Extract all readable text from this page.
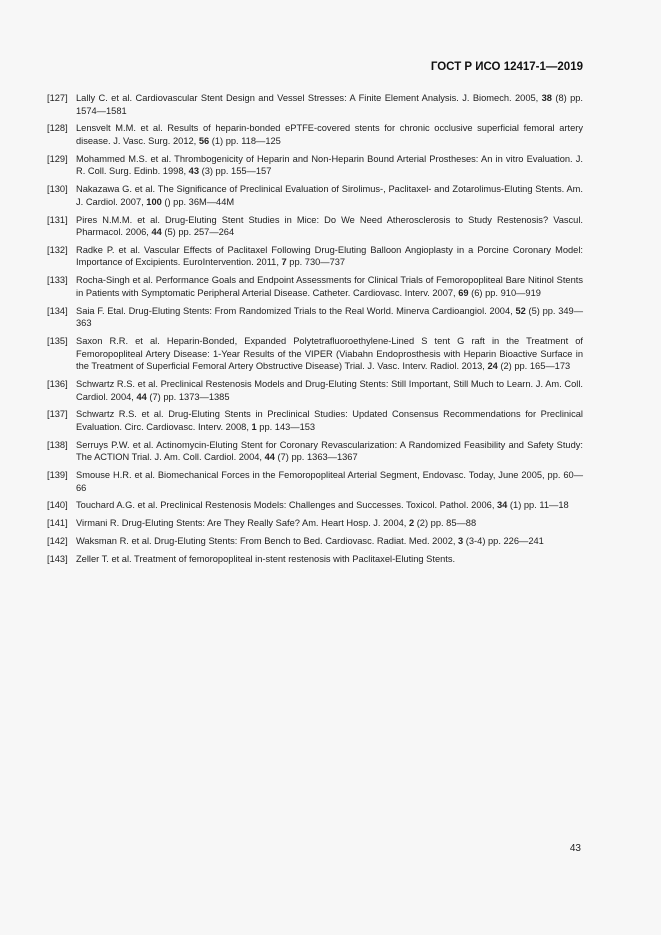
ГОСТ Р ИСО 12417-1—2019
[127] Lally C. et al. Cardiovascular Stent Design and Vessel Stresses: A Finite Element Analysis. J. Biomech. 2005, 38 (8) pp. 1574—1581
[128] Lensvelt M.M. et al. Results of heparin-bonded ePTFE-covered stents for chronic occlusive superficial femoral artery disease. J. Vasc. Surg. 2012, 56 (1) pp. 118—125
[129] Mohammed M.S. et al. Thrombogenicity of Heparin and Non-Heparin Bound Arterial Prostheses: An in vitro Evaluation. J. R. Coll. Surg. Edinb. 1998, 43 (3) pp. 155—157
[130] Nakazawa G. et al. The Significance of Preclinical Evaluation of Sirolimus-, Paclitaxel- and Zotarolimus-Eluting Stents. Am. J. Cardiol. 2007, 100 () pp. 36M—44M
[131] Pires N.M.M. et al. Drug-Eluting Stent Studies in Mice: Do We Need Atherosclerosis to Study Restenosis? Vascul. Pharmacol. 2006, 44 (5) pp. 257—264
[132] Radke P. et al. Vascular Effects of Paclitaxel Following Drug-Eluting Balloon Angioplasty in a Porcine Coronary Model: Importance of Excipients. EuroIntervention. 2011, 7 pp. 730—737
[133] Rocha-Singh et al. Performance Goals and Endpoint Assessments for Clinical Trials of Femoropopliteal Bare Nitinol Stents in Patients with Symptomatic Peripheral Arterial Disease. Catheter. Cardiovasc. Interv. 2007, 69 (6) pp. 910—919
[134] Saia F. Etal. Drug-Eluting Stents: From Randomized Trials to the Real World. Minerva Cardioangiol. 2004, 52 (5) pp. 349—363
[135] Saxon R.R. et al. Heparin-Bonded, Expanded Polytetrafluoroethylene-Lined S tent G raft in the Treatment of Femoropopliteal Artery Disease: 1-Year Results of the VIPER (Viabahn Endoprosthesis with Heparin Bioactive Surface in the Treatment of Superficial Femoral Artery Obstructive Disease) Trial. J. Vasc. Interv. Radiol. 2013, 24 (2) pp. 165—173
[136] Schwartz R.S. et al. Preclinical Restenosis Models and Drug-Eluting Stents: Still Important, Still Much to Learn. J. Am. Coll. Cardiol. 2004, 44 (7) pp. 1373—1385
[137] Schwartz R.S. et al. Drug-Eluting Stents in Preclinical Studies: Updated Consensus Recommendations for Preclinical Evaluation. Circ. Cardiovasc. Interv. 2008, 1 pp. 143—153
[138] Serruys P.W. et al. Actinomycin-Eluting Stent for Coronary Revascularization: A Randomized Feasibility and Safety Study: The ACTION Trial. J. Am. Coll. Cardiol. 2004, 44 (7) pp. 1363—1367
[139] Smouse H.R. et al. Biomechanical Forces in the Femoropopliteal Arterial Segment, Endovasc. Today, June 2005, pp. 60—66
[140] Touchard A.G. et al. Preclinical Restenosis Models: Challenges and Successes. Toxicol. Pathol. 2006, 34 (1) pp. 11—18
[141] Virmani R. Drug-Eluting Stents: Are They Really Safe? Am. Heart Hosp. J. 2004, 2 (2) pp. 85—88
[142] Waksman R. et al. Drug-Eluting Stents: From Bench to Bed. Cardiovasc. Radiat. Med. 2002, 3 (3-4) pp. 226—241
[143] Zeller T. et al. Treatment of femoropopliteal in-stent restenosis with Paclitaxel-Eluting Stents.
43
